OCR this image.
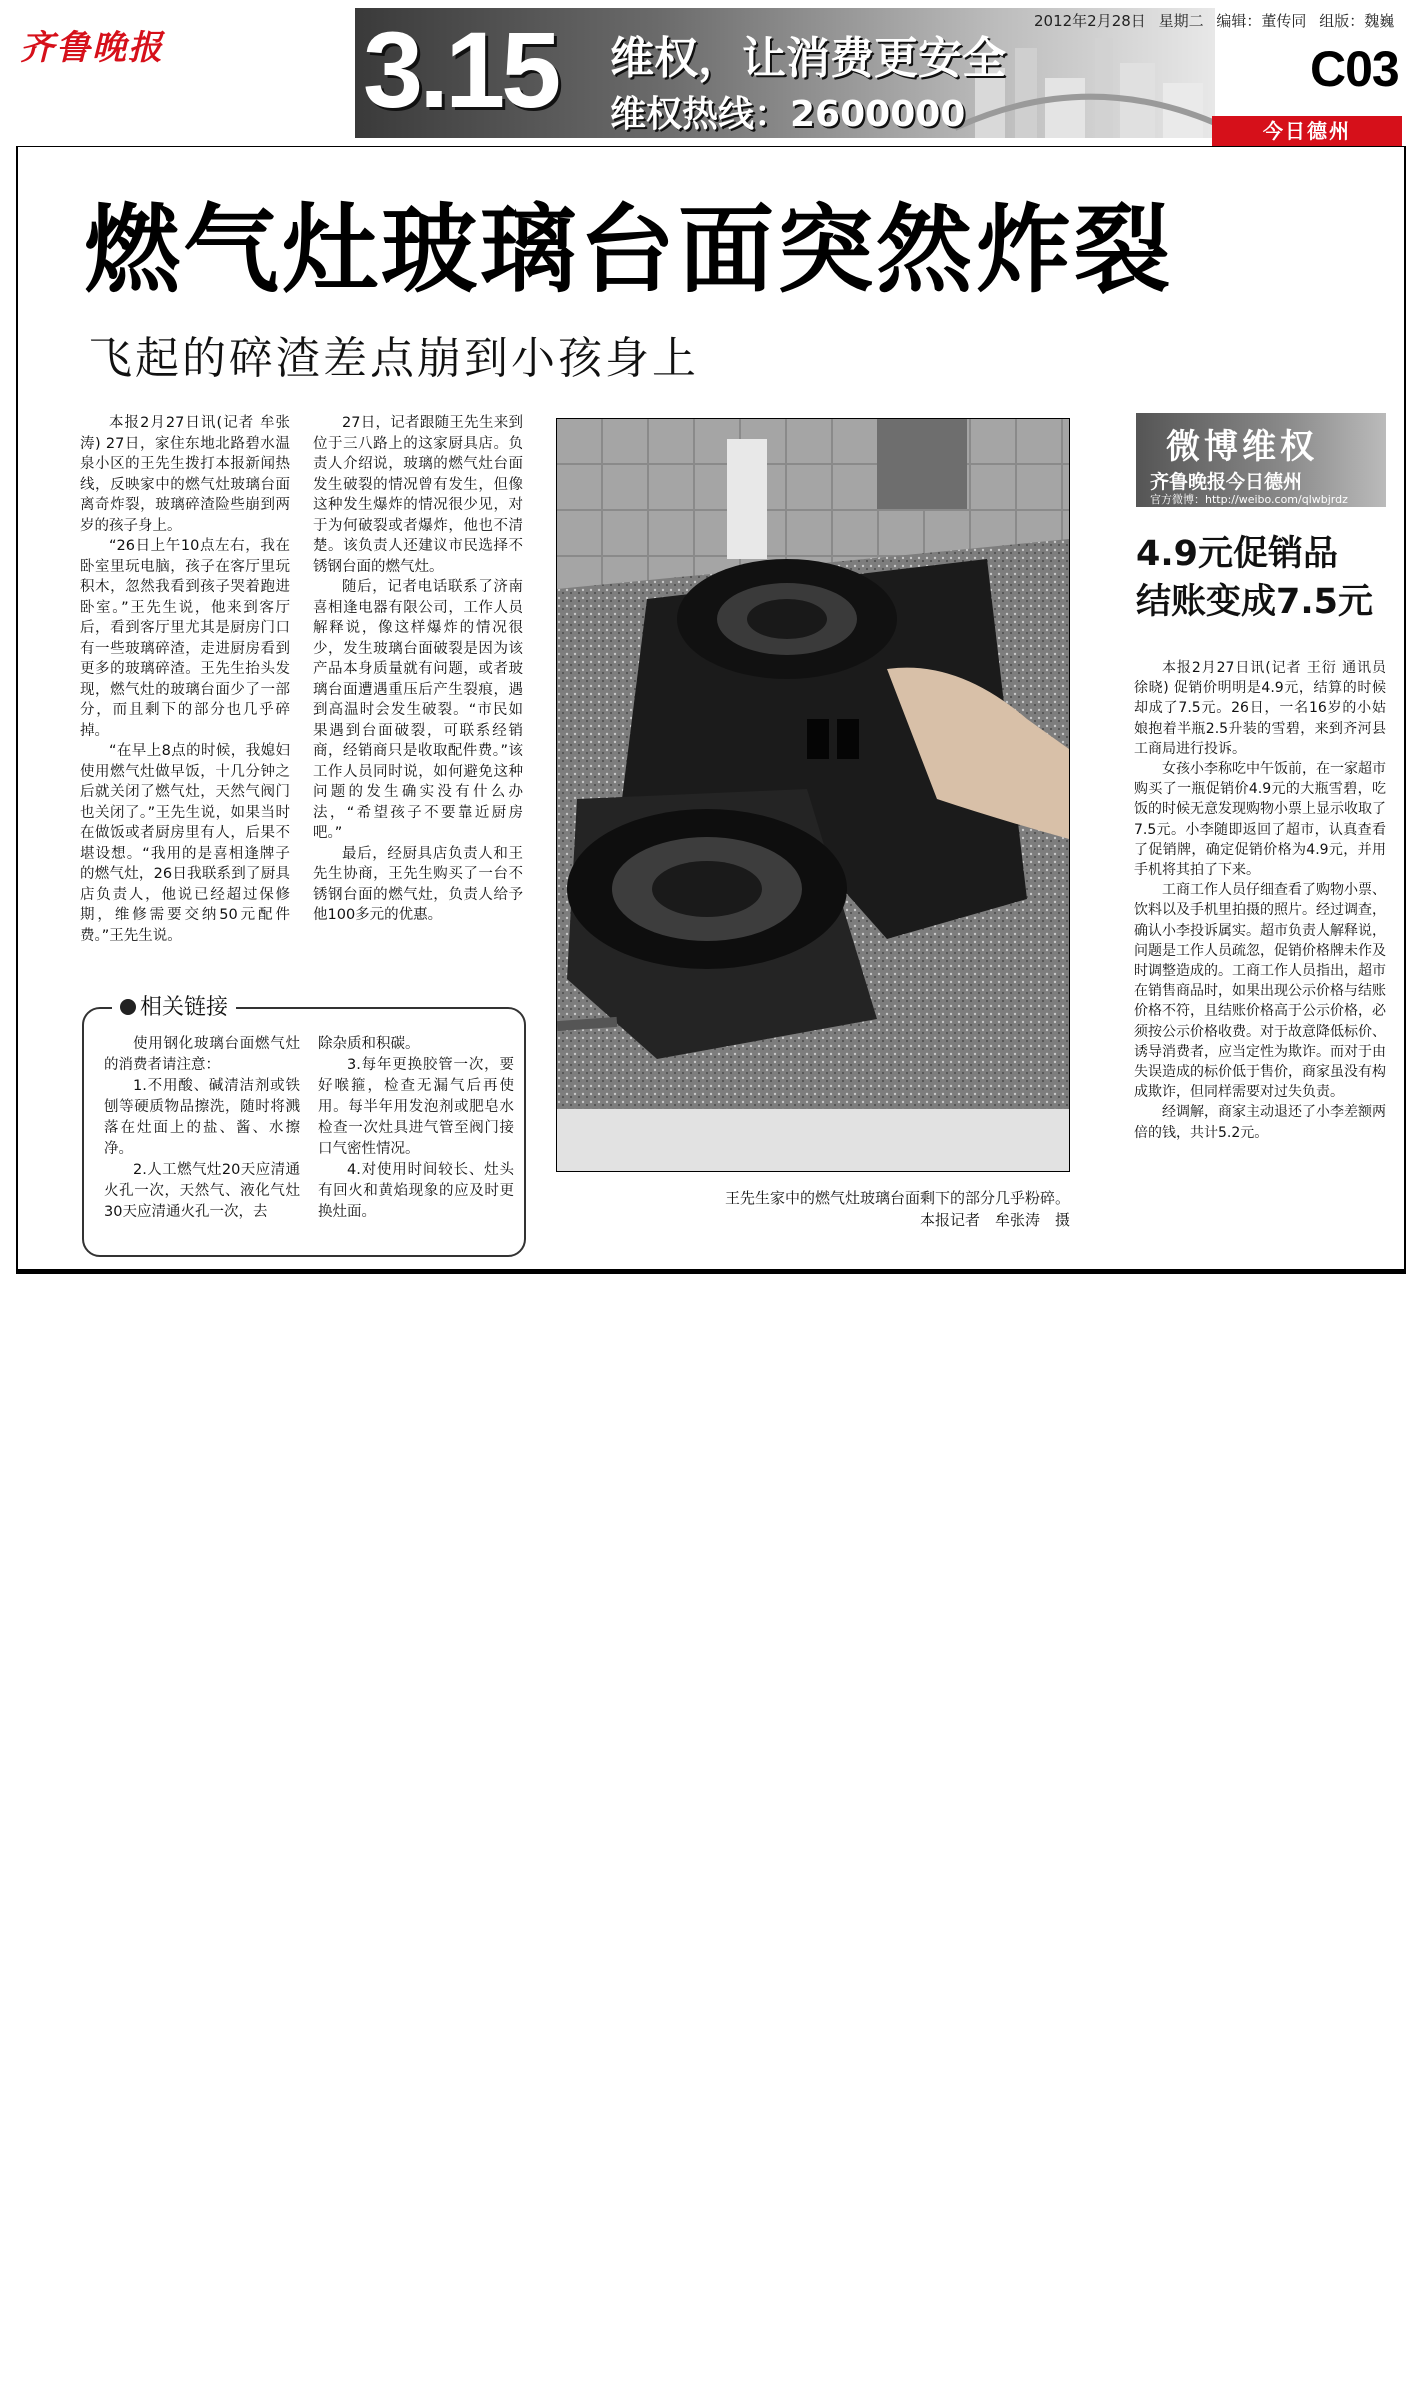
齐鲁晚报 3.15 维权，让消费更安全
维权热线：2600000
2012年2月28日 星期二 编辑：董传同 组版：魏巍
C03
今日德州
燃气灶玻璃台面突然炸裂
飞起的碎渣差点崩到小孩身上

本报2月27日讯(记者 牟张涛) 27日，家住东地北路碧水温泉小区的王先生拨打本报新闻热线，反映家中的燃气灶玻璃台面离奇炸裂，玻璃碎渣险些崩到两岁的孩子身上。

“26日上午10点左右，我在卧室里玩电脑，孩子在客厅里玩积木，忽然我看到孩子哭着跑进卧室。”王先生说，他来到客厅后，看到客厅里尤其是厨房门口有一些玻璃碎渣，走进厨房看到更多的玻璃碎渣。王先生抬头发现，燃气灶的玻璃台面少了一部分，而且剩下的部分也几乎碎掉。

“在早上8点的时候，我媳妇使用燃气灶做早饭，十几分钟之后就关闭了燃气灶，天然气阀门也关闭了。”王先生说，如果当时在做饭或者厨房里有人，后果不堪设想。“我用的是喜相逢牌子的燃气灶，26日我联系到了厨具店负责人，他说已经超过保修期，维修需要交纳50元配件费。”王先生说。

27日，记者跟随王先生来到位于三八路上的这家厨具店。负责人介绍说，玻璃的燃气灶台面发生破裂的情况曾有发生，但像这种发生爆炸的情况很少见，对于为何破裂或者爆炸，他也不清楚。该负责人还建议市民选择不锈钢台面的燃气灶。

随后，记者电话联系了济南喜相逢电器有限公司，工作人员解释说，像这样爆炸的情况很少，发生玻璃台面破裂是因为该产品本身质量就有问题，或者玻璃台面遭遇重压后产生裂痕，遇到高温时会发生破裂。“市民如果遇到台面破裂，可联系经销商，经销商只是收取配件费。”该工作人员同时说，如何避免这种问题的发生确实没有什么办法，“希望孩子不要靠近厨房吧。”

最后，经厨具店负责人和王先生协商，王先生购买了一台不锈钢台面的燃气灶，负责人给予他100多元的优惠。

王先生家中的燃气灶玻璃台面剩下的部分几乎粉碎。
本报记者　牟张涛　摄
相关链接

使用钢化玻璃台面燃气灶的消费者请注意：

1.不用酸、碱清洁剂或铁刨等硬质物品擦洗，随时将溅落在灶面上的盐、酱、水擦净。

2.人工燃气灶20天应清通火孔一次，天然气、液化气灶30天应清通火孔一次，去

除杂质和积碳。

3.每年更换胶管一次，要好喉箍，检查无漏气后再使用。每半年用发泡剂或肥皂水检查一次灶具进气管至阀门接口气密性情况。

4.对使用时间较长、灶头有回火和黄焰现象的应及时更换灶面。

微博维权
齐鲁晚报今日德州
官方微博：http://weibo.com/qlwbjrdz
4.9元促销品
结账变成7.5元

本报2月27日讯(记者 王衍 通讯员 徐晓) 促销价明明是4.9元，结算的时候却成了7.5元。26日，一名16岁的小姑娘抱着半瓶2.5升装的雪碧，来到齐河县工商局进行投诉。

女孩小李称吃中午饭前，在一家超市购买了一瓶促销价4.9元的大瓶雪碧，吃饭的时候无意发现购物小票上显示收取了7.5元。小李随即返回了超市，认真查看了促销牌，确定促销价格为4.9元，并用手机将其拍了下来。

工商工作人员仔细查看了购物小票、饮料以及手机里拍摄的照片。经过调查，确认小李投诉属实。超市负责人解释说，问题是工作人员疏忽，促销价格牌未作及时调整造成的。工商工作人员指出，超市在销售商品时，如果出现公示价格与结账价格不符，且结账价格高于公示价格，必须按公示价格收费。对于故意降低标价、诱导消费者，应当定性为欺诈。而对于由失误造成的标价低于售价，商家虽没有构成欺诈，但同样需要对过失负责。

经调解，商家主动退还了小李差额两倍的钱，共计5.2元。
